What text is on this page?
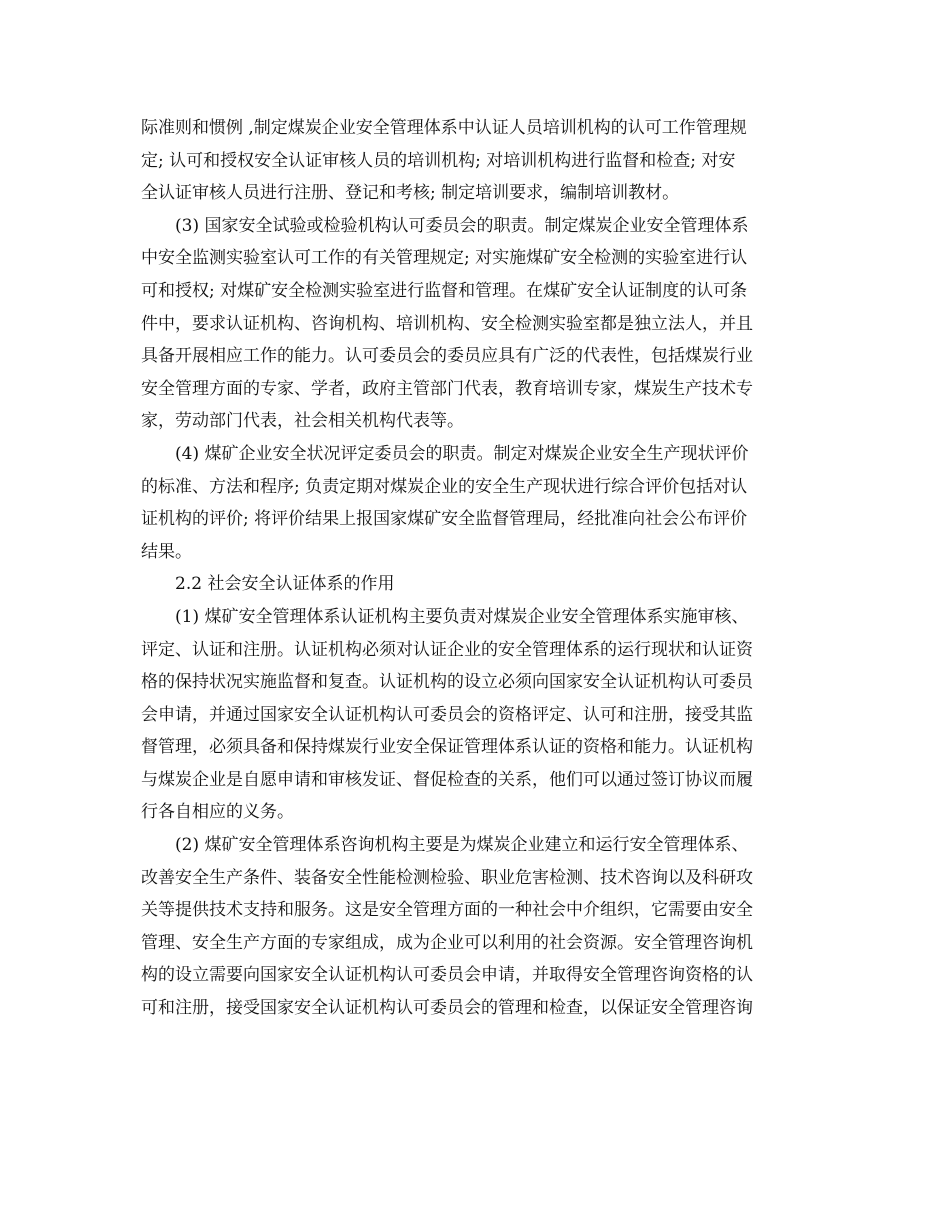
际准则和惯例 ,制定煤炭企业安全管理体系中认证人员培训机构的认可工作管理规
定; 认可和授权安全认证审核人员的培训机构; 对培训机构进行监督和检查; 对安
全认证审核人员进行注册、登记和考核; 制定培训要求，编制培训教材。
(3) 国家安全试验或检验机构认可委员会的职责。制定煤炭企业安全管理体系
中安全监测实验室认可工作的有关管理规定; 对实施煤矿安全检测的实验室进行认
可和授权; 对煤矿安全检测实验室进行监督和管理。在煤矿安全认证制度的认可条
件中，要求认证机构、咨询机构、培训机构、安全检测实验室都是独立法人，并且
具备开展相应工作的能力。认可委员会的委员应具有广泛的代表性，包括煤炭行业
安全管理方面的专家、学者，政府主管部门代表，教育培训专家，煤炭生产技术专
家，劳动部门代表，社会相关机构代表等。
(4) 煤矿企业安全状况评定委员会的职责。制定对煤炭企业安全生产现状评价
的标准、方法和程序; 负责定期对煤炭企业的安全生产现状进行综合评价包括对认
证机构的评价; 将评价结果上报国家煤矿安全监督管理局，经批准向社会公布评价
结果。
2.2 社会安全认证体系的作用
(1) 煤矿安全管理体系认证机构主要负责对煤炭企业安全管理体系实施审核、
评定、认证和注册。认证机构必须对认证企业的安全管理体系的运行现状和认证资
格的保持状况实施监督和复查。认证机构的设立必须向国家安全认证机构认可委员
会申请，并通过国家安全认证机构认可委员会的资格评定、认可和注册，接受其监
督管理，必须具备和保持煤炭行业安全保证管理体系认证的资格和能力。认证机构
与煤炭企业是自愿申请和审核发证、督促检查的关系，他们可以通过签订协议而履
行各自相应的义务。
(2) 煤矿安全管理体系咨询机构主要是为煤炭企业建立和运行安全管理体系、
改善安全生产条件、装备安全性能检测检验、职业危害检测、技术咨询以及科研攻
关等提供技术支持和服务。这是安全管理方面的一种社会中介组织，它需要由安全
管理、安全生产方面的专家组成，成为企业可以利用的社会资源。安全管理咨询机
构的设立需要向国家安全认证机构认可委员会申请，并取得安全管理咨询资格的认
可和注册，接受国家安全认证机构认可委员会的管理和检查，以保证安全管理咨询
